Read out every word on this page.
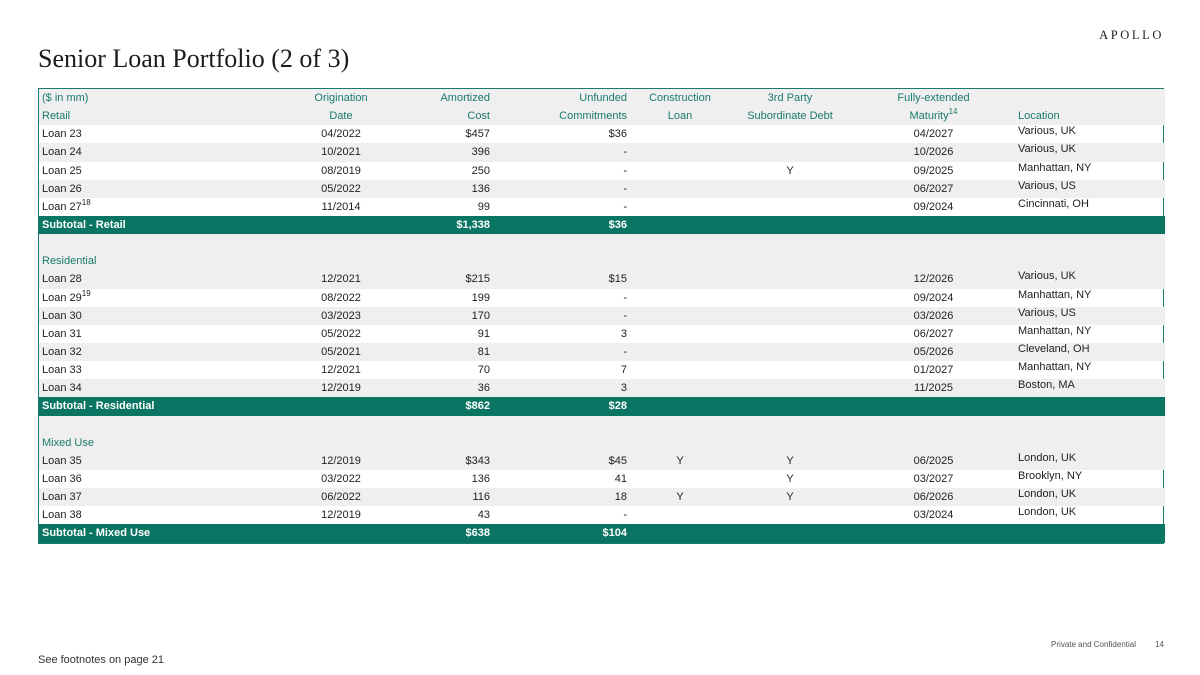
APOLLO
Senior Loan Portfolio (2 of 3)
($ in mm)	Origination	Amortized	Unfunded	Construction	3rd Party	Fully-extended	
Retail	Date	Cost	Commitments	Loan	Subordinate Debt	Maturity$^{14}$	Location
Loan 23	04/2022	$457	$36			04/2027	Various, UK
Loan 24	10/2021	396	-			10/2026	Various, UK
Loan 25	08/2019	250	-		Y	09/2025	Manhattan, NY
Loan 26	05/2022	136	-			06/2027	Various, US
Loan $27^{18}$	11/2014	99	-			09/2024	Cincinnati, OH
Subtotal - Retail		$1,338	$36				

Residential							
Loan 28	12/2021	$215	$15			12/2026	Various, UK
Loan $29^{19}$	08/2022	199	-			09/2024	Manhattan, NY
Loan 30	03/2023	170	-			03/2026	Various, US
Loan 31	05/2022	91	3			06/2027	Manhattan, NY
Loan 32	05/2021	81	-			05/2026	Cleveland, OH
Loan 33	12/2021	70	7			01/2027	Manhattan, NY
Loan 34	12/2019	36	3			11/2025	Boston, MA
Subtotal - Residential		$862	$28				

Mixed Use							
Loan 35	12/2019	$343	$45	Y	Y	06/2025	London, UK
Loan 36	03/2022	136	41		Y	03/2027	Brooklyn, NY
Loan 37	06/2022	116	18	Y	Y	06/2026	London, UK
Loan 38	12/2019	43	-			03/2024	London, UK
Subtotal - Mixed Use		$638	$104				
See footnotes on page 21
Private and Confidential 14
